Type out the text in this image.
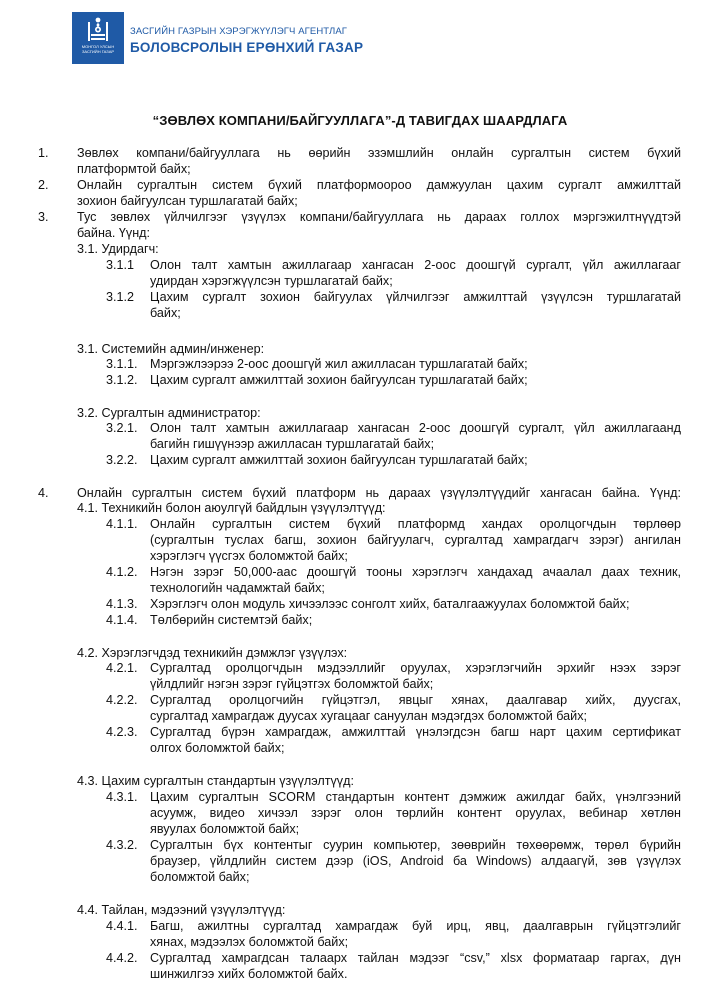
МОНГОЛ УЛСЫН
ЗАСГИЙН ГАЗАР
ЗАСГИЙН ГАЗРЫН ХЭРЭГЖҮҮЛЭГЧ АГЕНТЛАГ
БОЛОВСРОЛЫН ЕРӨНХИЙ ГАЗАР
“ЗӨВЛӨХ КОМПАНИ/БАЙГУУЛЛАГА”-Д ТАВИГДАХ ШААРДЛАГА
1. Зөвлөх компани/байгууллага нь өөрийн эзэмшлийн онлайн сургалтын систем бүхий
платформтой байх;
2. Онлайн сургалтын систем бүхий платформоороо дамжуулан цахим сургалт амжилттай
зохион байгуулсан туршлагатай байх;
3. Тус зөвлөх үйлчилгээг үзүүлэх компани/байгууллага нь дараах голлох мэргэжилтнүүдтэй
байна. Үүнд:
3.1. Удирдагч:
3.1.1 Олон талт хамтын ажиллагаар хангасан 2-оос доошгүй сургалт, үйл ажиллагааг
удирдан хэрэгжүүлсэн туршлагатай байх;
3.1.2 Цахим сургалт зохион байгуулах үйлчилгээг амжилттай үзүүлсэн туршлагатай
байх;
3.1. Системийн админ/инженер:
3.1.1. Мэргэжлээрээ 2-оос доошгүй жил ажилласан туршлагатай байх;
3.1.2. Цахим сургалт амжилттай зохион байгуулсан туршлагатай байх;
3.2. Сургалтын администратор:
3.2.1. Олон талт хамтын ажиллагаар хангасан 2-оос доошгүй сургалт, үйл ажиллагаанд
багийн гишүүнээр ажилласан туршлагатай байх;
3.2.2. Цахим сургалт амжилттай зохион байгуулсан туршлагатай байх;
4. Онлайн сургалтын систем бүхий платформ нь дараах үзүүлэлтүүдийг хангасан байна. Үүнд:
4.1. Техникийн болон аюулгүй байдлын үзүүлэлтүүд:
4.1.1. Онлайн сургалтын систем бүхий платформд хандах оролцогчдын төрлөөр
(сургалтын туслах багш, зохион байгуулагч, сургалтад хамрагдагч зэрэг) ангилан
хэрэглэгч үүсгэх боломжтой байх;
4.1.2. Нэгэн зэрэг 50,000-аас доошгүй тооны хэрэглэгч хандахад ачаалал даах техник,
технологийн чадамжтай байх;
4.1.3. Хэрэглэгч олон модуль хичээлээс сонголт хийх, баталгаажуулах боломжтой байх;
4.1.4. Төлбөрийн системтэй байх;
4.2. Хэрэглэгчдэд техникийн дэмжлэг үзүүлэх:
4.2.1. Сургалтад оролцогчдын мэдээллийг оруулах, хэрэглэгчийн эрхийг нээх зэрэг
үйлдлийг нэгэн зэрэг гүйцэтгэх боломжтой байх;
4.2.2. Сургалтад оролцогчийн гүйцэтгэл, явцыг хянах, даалгавар хийх, дуусгах,
сургалтад хамрагдаж дуусах хугацааг сануулан мэдэгдэх боломжтой байх;
4.2.3. Сургалтад бүрэн хамрагдаж, амжилттай үнэлэгдсэн багш нарт цахим сертификат
олгох боломжтой байх;
4.3. Цахим сургалтын стандартын үзүүлэлтүүд:
4.3.1. Цахим сургалтын SCORM стандартын контент дэмжиж ажилдаг байх, үнэлгээний
асуумж, видео хичээл зэрэг олон төрлийн контент оруулах, вебинар хөтлөн
явуулах боломжтой байх;
4.3.2. Сургалтын бүх контентыг суурин компьютер, зөөврийн төхөөрөмж, төрөл бүрийн
браузер, үйлдлийн систем дээр (iOS, Android ба Windows) алдаагүй, зөв үзүүлэх
боломжтой байх;
4.4. Тайлан, мэдээний үзүүлэлтүүд:
4.4.1. Багш, ажилтны сургалтад хамрагдаж буй ирц, явц, даалгаврын гүйцэтгэлийг
хянах, мэдээлэх боломжтой байх;
4.4.2. Сургалтад хамрагдсан талаарх тайлан мэдээг “csv,” xlsx форматаар гаргах, дүн
шинжилгээ хийх боломжтой байх.
